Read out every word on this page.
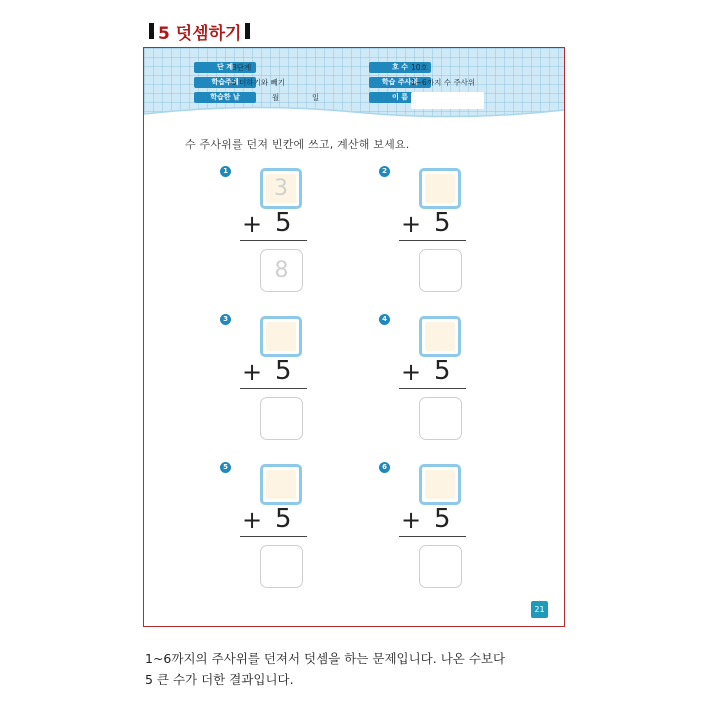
5 덧셈하기
단 계 3단계
학습주제
5 더하기와 빼기
학습한 날	월	일
호 수 10호
학습 주사위
1~6까지 수 주사위
이 름
수 주사위를 던져 빈칸에 쓰고, 계산해 보세요.
1
3
+ 5
8
2
+ 5
3
+ 5
4
+ 5
5
+ 5
6
+ 5
21
1~6까지의 주사위를 던져서 덧셈을 하는 문제입니다. 나온 수보다
5 큰 수가 더한 결과입니다.
